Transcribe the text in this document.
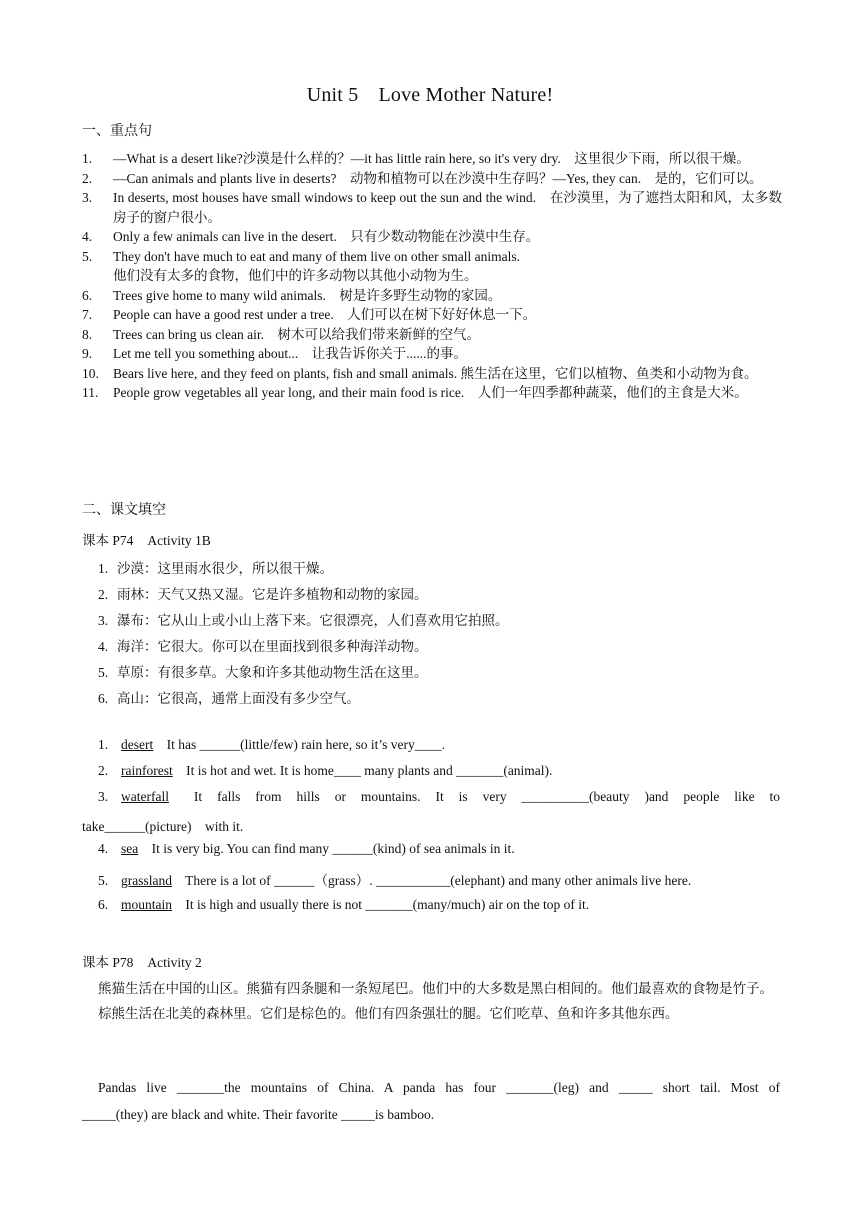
Unit 5 Love Mother Nature!
一、重点句
1.	—What is a desert like?沙漠是什么样的？—it has little rain here, so it's very dry.　这里很少下雨，所以很干燥。
2.	—Can animals and plants live in deserts?　动物和植物可以在沙漠中生存吗？—Yes, they can.　是的，它们可以。
3.	In deserts, most houses have small windows to keep out the sun and the wind.　在沙漠里，为了遮挡太阳和风，太多数房子的窗户很小。
4.	Only a few animals can live in the desert.　只有少数动物能在沙漠中生存。
5.	They don't have much to eat and many of them live on other small animals.
他们没有太多的食物，他们中的许多动物以其他小动物为生。
6.	Trees give home to many wild animals.　树是许多野生动物的家园。
7.	People can have a good rest under a tree.　人们可以在树下好好休息一下。
8.	Trees can bring us clean air.　树木可以给我们带来新鲜的空气。
9.	Let me tell you something about...　让我告诉你关于......的事。
10.	Bears live here, and they feed on plants, fish and small animals. 熊生活在这里，它们以植物、鱼类和小动物为食。
11.	People grow vegetables all year long, and their main food is rice.　人们一年四季都种蔬菜，他们的主食是大米。
二、课文填空
课本 P74 Activity 1B
1. 沙漠：这里雨水很少，所以很干燥。
2. 雨林：天气又热又湿。它是许多植物和动物的家园。
3. 瀑布：它从山上或小山上落下来。它很漂亮，人们喜欢用它拍照。
4. 海洋：它很大。你可以在里面找到很多种海洋动物。
5. 草原：有很多草。大象和许多其他动物生活在这里。
6. 高山：它很高，通常上面没有多少空气。
1. desert It has ______(little/few) rain here, so it’s very____.
2. rainforest It is hot and wet. It is home____ many plants and _______(animal).
3. waterfall It falls from hills or mountains. It is very __________(beauty )and people like to
take______(picture)　with it.
4. sea It is very big. You can find many ______(kind) of sea animals in it.
5. grassland There is a lot of ______（grass）. ___________(elephant) and many other animals live here.
6. mountain It is high and usually there is not _______(many/much) air on the top of it.
课本 P78 Activity 2
熊猫生活在中国的山区。熊猫有四条腿和一条短尾巴。他们中的大多数是黑白相间的。他们最喜欢的食物是竹子。
棕熊生活在北美的森林里。它们是棕色的。他们有四条强壮的腿。它们吃草、鱼和许多其他东西。
Pandas live _______the mountains of China. A panda has four _______(leg) and _____ short tail. Most of
_____(they) are black and white. Their favorite _____is bamboo.
